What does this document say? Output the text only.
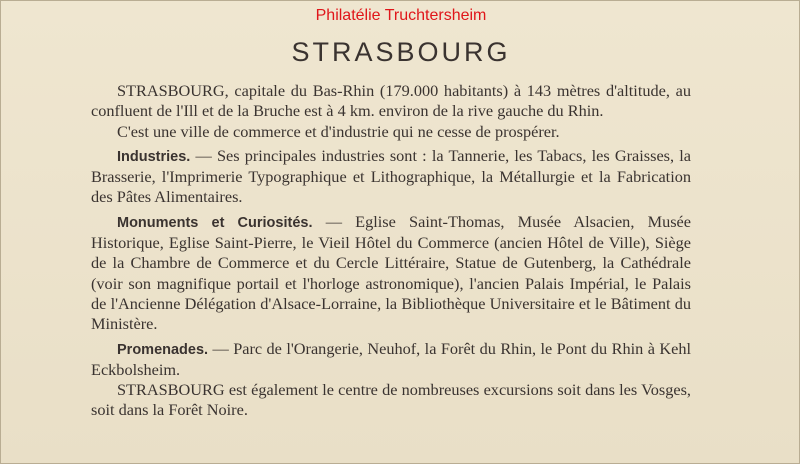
Philatélie Truchtersheim
STRASBOURG

STRASBOURG, capitale du Bas-Rhin (179.000 habitants) à 143 mètres d'altitude, au confluent de l'Ill et de la Bruche est à 4 km. environ de la rive gauche du Rhin.

C'est une ville de commerce et d'industrie qui ne cesse de prospérer.

Industries. — Ses principales industries sont : la Tannerie, les Tabacs, les Graisses, la Brasserie, l'Imprimerie Typographique et Lithographique, la Métallurgie et la Fabrication des Pâtes Alimentaires.

Monuments et Curiosités. — Eglise Saint-Thomas, Musée Alsacien, Musée Historique, Eglise Saint-Pierre, le Vieil Hôtel du Commerce (ancien Hôtel de Ville), Siège de la Chambre de Commerce et du Cercle Littéraire, Statue de Gutenberg, la Cathédrale (voir son magnifique portail et l'horloge astronomique), l'ancien Palais Impérial, le Palais de l'Ancienne Délégation d'Alsace-Lorraine, la Bibliothèque Universitaire et le Bâtiment du Ministère.

Promenades. — Parc de l'Orangerie, Neuhof, la Forêt du Rhin, le Pont du Rhin à Kehl Eckbolsheim.

STRASBOURG est également le centre de nombreuses excursions soit dans les Vosges, soit dans la Forêt Noire.
